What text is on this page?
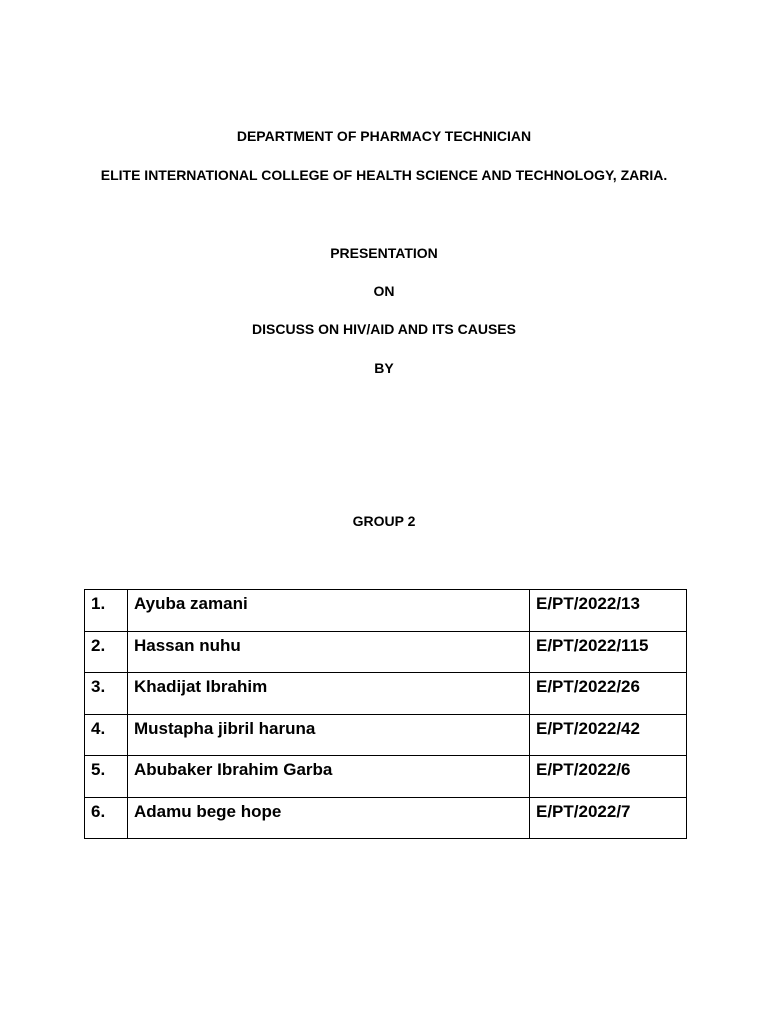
DEPARTMENT OF PHARMACY TECHNICIAN
ELITE INTERNATIONAL COLLEGE OF HEALTH SCIENCE AND TECHNOLOGY, ZARIA.
PRESENTATION
ON
DISCUSS ON HIV/AID AND ITS CAUSES
BY
GROUP 2
1.	Ayuba zamani	E/PT/2022/13
2.	Hassan nuhu	E/PT/2022/115
3.	Khadijat Ibrahim	E/PT/2022/26
4.	Mustapha jibril haruna	E/PT/2022/42
5.	Abubaker Ibrahim Garba	E/PT/2022/6
6.	Adamu bege hope	E/PT/2022/7
